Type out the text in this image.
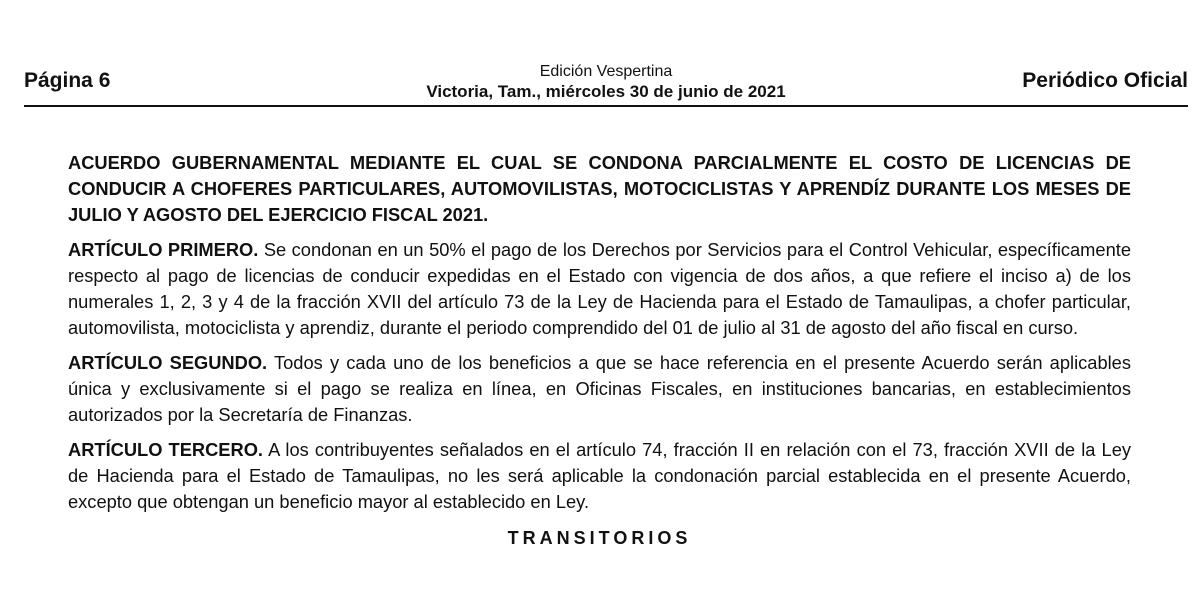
Página 6	Edición Vespertina
Victoria, Tam., miércoles 30 de junio de 2021	Periódico Oficial

ACUERDO GUBERNAMENTAL MEDIANTE EL CUAL SE CONDONA PARCIALMENTE EL COSTO DE LICENCIAS DE CONDUCIR A CHOFERES PARTICULARES, AUTOMOVILISTAS, MOTOCICLISTAS Y APRENDÍZ DURANTE LOS MESES DE JULIO Y AGOSTO DEL EJERCICIO FISCAL 2021.

ARTÍCULO PRIMERO. Se condonan en un 50% el pago de los Derechos por Servicios para el Control Vehicular, específicamente respecto al pago de licencias de conducir expedidas en el Estado con vigencia de dos años, a que refiere el inciso a) de los numerales 1, 2, 3 y 4 de la fracción XVII del artículo 73 de la Ley de Hacienda para el Estado de Tamaulipas, a chofer particular, automovilista, motociclista y aprendiz, durante el periodo comprendido del 01 de julio al 31 de agosto del año fiscal en curso.

ARTÍCULO SEGUNDO. Todos y cada uno de los beneficios a que se hace referencia en el presente Acuerdo serán aplicables única y exclusivamente si el pago se realiza en línea, en Oficinas Fiscales, en instituciones bancarias, en establecimientos autorizados por la Secretaría de Finanzas.

ARTÍCULO TERCERO. A los contribuyentes señalados en el artículo 74, fracción II en relación con el 73, fracción XVII de la Ley de Hacienda para el Estado de Tamaulipas, no les será aplicable la condonación parcial establecida en el presente Acuerdo, excepto que obtengan un beneficio mayor al establecido en Ley.

TRANSITORIOS
